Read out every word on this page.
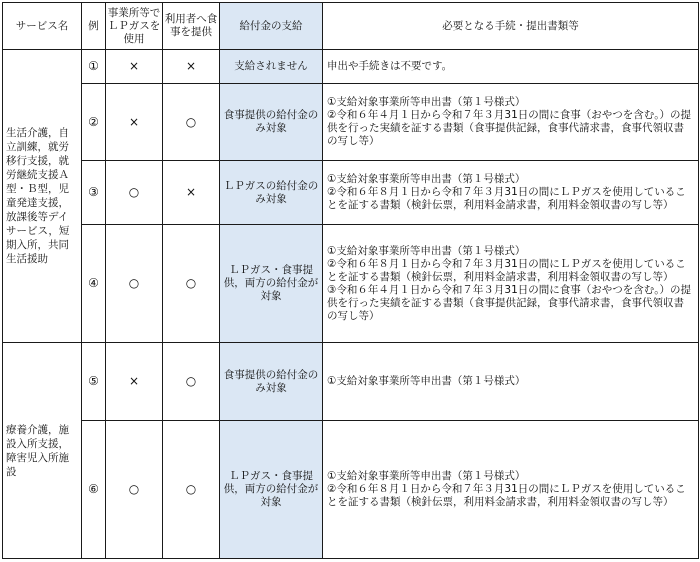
サービス名	例	事業所等でＬＰガスを使用	利用者へ食事を提供	給付金の支給	必要となる手続・提出書類等
生活介護，自立訓練，就労移行支援，就労継続支援Ａ型・Ｂ型，児童発達支援，放課後等デイサービス，短期入所，共同生活援助	①	×	×	支給されません	申出や手続きは不要です。

	②	×	○	食事提供の給付金のみ対象	①支給対象事業所等申出書（第１号様式）
②令和６年４月１日から令和７年３月31日の間に食事（おやつを含む。）の提供を行った実績を証する書類（食事提供記録，食事代請求書，食事代領収書の写し等）

	③	○	×	ＬＰガスの給付金のみ対象	①支給対象事業所等申出書（第１号様式）
②令和６年８月１日から令和７年３月31日の間にＬＰガスを使用していることを証する書類（検針伝票，利用料金請求書，利用料金領収書の写し等）

	④	○	○	ＬＰガス・食事提供，両方の給付金が対象	①支給対象事業所等申出書（第１号様式）
②令和６年８月１日から令和７年３月31日の間にＬＰガスを使用していることを証する書類（検針伝票，利用料金請求書，利用料金領収書の写し等）
③令和６年４月１日から令和７年３月31日の間に食事（おやつを含む。）の提供を行った実績を証する書類（食事提供記録，食事代請求書，食事代領収書の写し等）

療養介護，施設入所支援，障害児入所施設	⑤	×	○	食事提供の給付金のみ対象	①支給対象事業所等申出書（第１号様式）

	⑥	○	○	ＬＰガス・食事提供，両方の給付金が対象	①支給対象事業所等申出書（第１号様式）
②令和６年８月１日から令和７年３月31日の間にＬＰガスを使用していることを証する書類（検針伝票，利用料金請求書，利用料金領収書の写し等）
